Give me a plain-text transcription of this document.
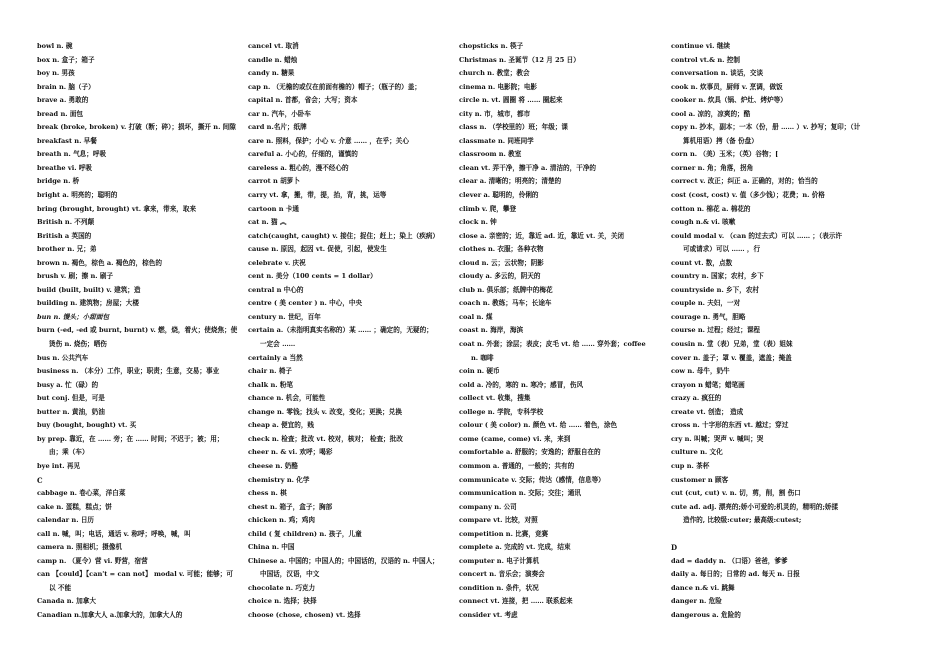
bowl n. 碗
box n. 盒子；箱子
boy n. 男孩
brain n. 脑（子）
brave a. 勇敢的
bread n. 面包
break (broke, broken) v. 打破（断；碎）；损坏，撕开 n. 间隙
breakfast n. 早餐
breath n. 气息；呼吸
breathe vi. 呼吸
bridge n. 桥
bright a. 明亮的；聪明的
bring (brought, brought) vt. 拿来，带来，取来
British n. 不列颠
British a 英国的
brother n. 兄；弟
brown n. 褐色，棕色 a. 褐色的，棕色的
brush v. 刷；擦 n. 刷子
build (built, built) v. 建筑；造
building n. 建筑物；房屋；大楼
bun n. 馒头；小甜面包
burn (-ed, -ed 或 burnt, burnt) v. 燃，烧，着火；使烧焦；使
烫伤 n. 烧伤；晒伤
bus n. 公共汽车
business n. （本分）工作，职业；职责；生意，交易；事业
busy a. 忙（碌）的
but conj. 但是，可是
butter n. 黄油，奶油
buy (bought, bought) vt. 买
by prep. 靠近，在 …… 旁；在 …… 时间；不迟于；被；用；
由；乘（车）
bye int. 再见
C
cabbage n. 卷心菜，洋白菜
cake n. 蛋糕，糕点；饼
calendar n. 日历
call n. 喊，叫；电话，通话 v. 称呼；呼唤，喊，叫
camera n. 照相机；摄像机
camp n. （夏令）营 vi. 野营，宿营
can 【could】【can't = can not】 modal v. 可能；能够；可
以 不能
Canada n. 加拿大
Canadian n.加拿大人 a.加拿大的，加拿大人的
cancel vt. 取消
candle n. 蜡烛
candy n. 糖果
cap n. （无檐的或仅在前面有檐的）帽子；（瓶子的）盖；
capital n. 首都，省会；大写；资本
car n. 汽车，小卧车
card n.名片；纸牌
care n. 照料，保护；小心 v. 介意 …… ，在乎；关心
careful a. 小心的，仔细的，谨慎的
careless a. 粗心的，漫不经心的
carrot n 胡萝卜
carry vt. 拿，搬，带，提，抬，背，挑，运等
cartoon n 卡通
cat n. 猫 ︽
catch(caught, caught) v. 接住；捉住；赶上；染上（疾病）
cause n. 原因，起因 vt. 促使，引起，使发生
celebrate v. 庆祝
cent n. 美分（100 cents = 1 dollar）
central n 中心的
centre ( 美 center ) n. 中心，中央
century n. 世纪，百年
certain a.（未指明真实名称的）某 …… ；确定的，无疑的；
一定会 ……
certainly a 当然
chair n. 椅子
chalk n. 粉笔
chance n. 机会，可能性
change n. 零钱；找头 v. 改变，变化；更换；兑换
cheap a. 便宜的，贱
check n. 检查；批改 vt. 校对，核对； 检查；批改
cheer n. & vi. 欢呼；喝彩
cheese n. 奶酪
chemistry n. 化学
chess n. 棋
chest n. 箱子，盒子；胸部
chicken n. 鸡；鸡肉
child ( 复 children) n. 孩子，儿童
China n. 中国
Chinese a. 中国的；中国人的；中国话的，汉语的 n. 中国人；
中国话，汉语，中文
chocolate n. 巧克力
choice n. 选择；抉择
choose (chose, chosen) vt. 选择
chopsticks n. 筷子
Christmas n. 圣诞节（12 月 25 日）
church n. 教堂；教会
cinema n. 电影院；电影
circle n. vt. 圆圈 将 …… 圈起来
city n. 市，城市，都市
class n. （学校里的）班；年级；课
classmate n. 同班同学
classroom n. 教室
clean vt. 弄干净，擦干净 a. 清洁的，干净的
clear a. 清晰的；明亮的；清楚的
clever a. 聪明的，伶俐的
climb v. 爬，攀登
clock n. 钟
close a. 亲密的；近，靠近 ad. 近，靠近 vt. 关，关闭
clothes n. 衣服；各种衣物
cloud n. 云；云状物；阴影
cloudy a. 多云的，阴天的
club n. 俱乐部；纸牌中的梅花
coach n. 教练；马车；长途车
coal n. 煤
coast n. 海岸，海滨
coat n. 外套；涂层；表皮；皮毛 vt. 给 …… 穿外套；coffee
n. 咖啡
coin n. 硬币
cold a. 冷的，寒的 n. 寒冷；感冒，伤风
collect vt. 收集，搜集
college n. 学院，专科学校
colour ( 美 color) n. 颜色 vt. 给 …… 着色，涂色
come (came, come) vi. 来，来到
comfortable a. 舒服的；安逸的；舒服自在的
common a. 普通的，一般的；共有的
communicate v. 交际；传达（感情，信息等）
communication n. 交际；交往；通讯
company n. 公司
compare vt. 比较，对照
competition n. 比赛，竞赛
complete a. 完成的 vt. 完成，结束
computer n. 电子计算机
concert n. 音乐会；演奏会
condition n. 条件，状况
connect vt. 连接，把 …… 联系起来
consider vt. 考虑
continue vi. 继续
control vt.& n. 控制
conversation n. 谈话，交谈
cook n. 炊事员，厨师 v. 烹调，做饭
cooker n. 炊具（锅、炉灶、烤炉等）
cool a. 凉的，凉爽的；酷
copy n. 抄本，副本；一本（份，册 …… ）v. 抄写；复印；（计
算机用语）拷（备 份盘）
corn n. （美）玉米；（英）谷物；[
corner n. 角；角落，拐角
correct v. 改正；纠正 a. 正确的，对的；恰当的
cost (cost, cost) v. 值（多少钱）；花费；n. 价格
cotton n. 棉花 a. 棉花的
cough n.& vi. 咳嗽
could modal v. （can 的过去式）可以 …… ；（表示许
可或请求）可以 …… ，行
count vt. 数，点数
country n. 国家；农村，乡下
countryside n. 乡下，农村
couple n. 夫妇，一对
courage n. 勇气，胆略
course n. 过程；经过；课程
cousin n. 堂（表）兄弟，堂（表）姐妹
cover n. 盖子；罩 v. 覆盖，遮盖；掩盖
cow n. 母牛，奶牛
crayon n 蜡笔；蜡笔画
crazy a. 疯狂的
create vt. 创造； 造成
cross n. 十字形的东西 vt. 越过；穿过
cry n. 叫喊；哭声 v. 喊叫；哭
culture n. 文化
cup n. 茶杯
customer n 顾客
cut (cut, cut) v. n. 切，剪，削，割 伤口
cute ad. adj. 漂亮的;娇小可爱的;机灵的，精明的;娇揉
造作的, 比较级:cuter; 最高级:cutest;
D
dad = daddy n. （口语）爸爸，爹爹
daily a. 每日的；日常的 ad. 每天 n. 日报
dance n.& vi. 跳舞
danger n. 危险
dangerous a. 危险的
